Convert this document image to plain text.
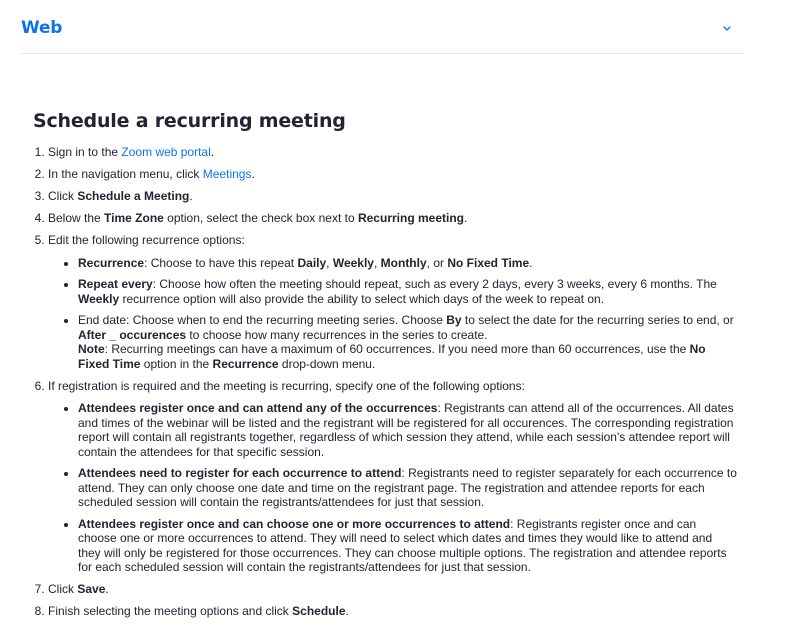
Web
Schedule a recurring meeting
1. Sign in to the Zoom web portal.
2. In the navigation menu, click Meetings.
3. Click Schedule a Meeting.
4. Below the Time Zone option, select the check box next to Recurring meeting.
5. Edit the following recurrence options:
• Recurrence: Choose to have this repeat Daily, Weekly, Monthly, or No Fixed Time.
• Repeat every: Choose how often the meeting should repeat, such as every 2 days, every 3 weeks, every 6 months. The Weekly recurrence option will also provide the ability to select which days of the week to repeat on.
• End date: Choose when to end the recurring meeting series. Choose By to select the date for the recurring series to end, or After _ occurences to choose how many recurrences in the series to create.
Note: Recurring meetings can have a maximum of 60 occurrences. If you need more than 60 occurrences, use the No Fixed Time option in the Recurrence drop-down menu.
6. If registration is required and the meeting is recurring, specify one of the following options:
• Attendees register once and can attend any of the occurrences: Registrants can attend all of the occurrences. All dates and times of the webinar will be listed and the registrant will be registered for all occurences. The corresponding registration report will contain all registrants together, regardless of which session they attend, while each session's attendee report will contain the attendees for that specific session.
• Attendees need to register for each occurrence to attend: Registrants need to register separately for each occurrence to attend. They can only choose one date and time on the registrant page. The registration and attendee reports for each scheduled session will contain the registrants/attendees for just that session.
• Attendees register once and can choose one or more occurrences to attend: Registrants register once and can choose one or more occurrences to attend. They will need to select which dates and times they would like to attend and they will only be registered for those occurrences. They can choose multiple options. The registration and attendee reports for each scheduled session will contain the registrants/attendees for just that session.
7. Click Save.
8. Finish selecting the meeting options and click Schedule.
